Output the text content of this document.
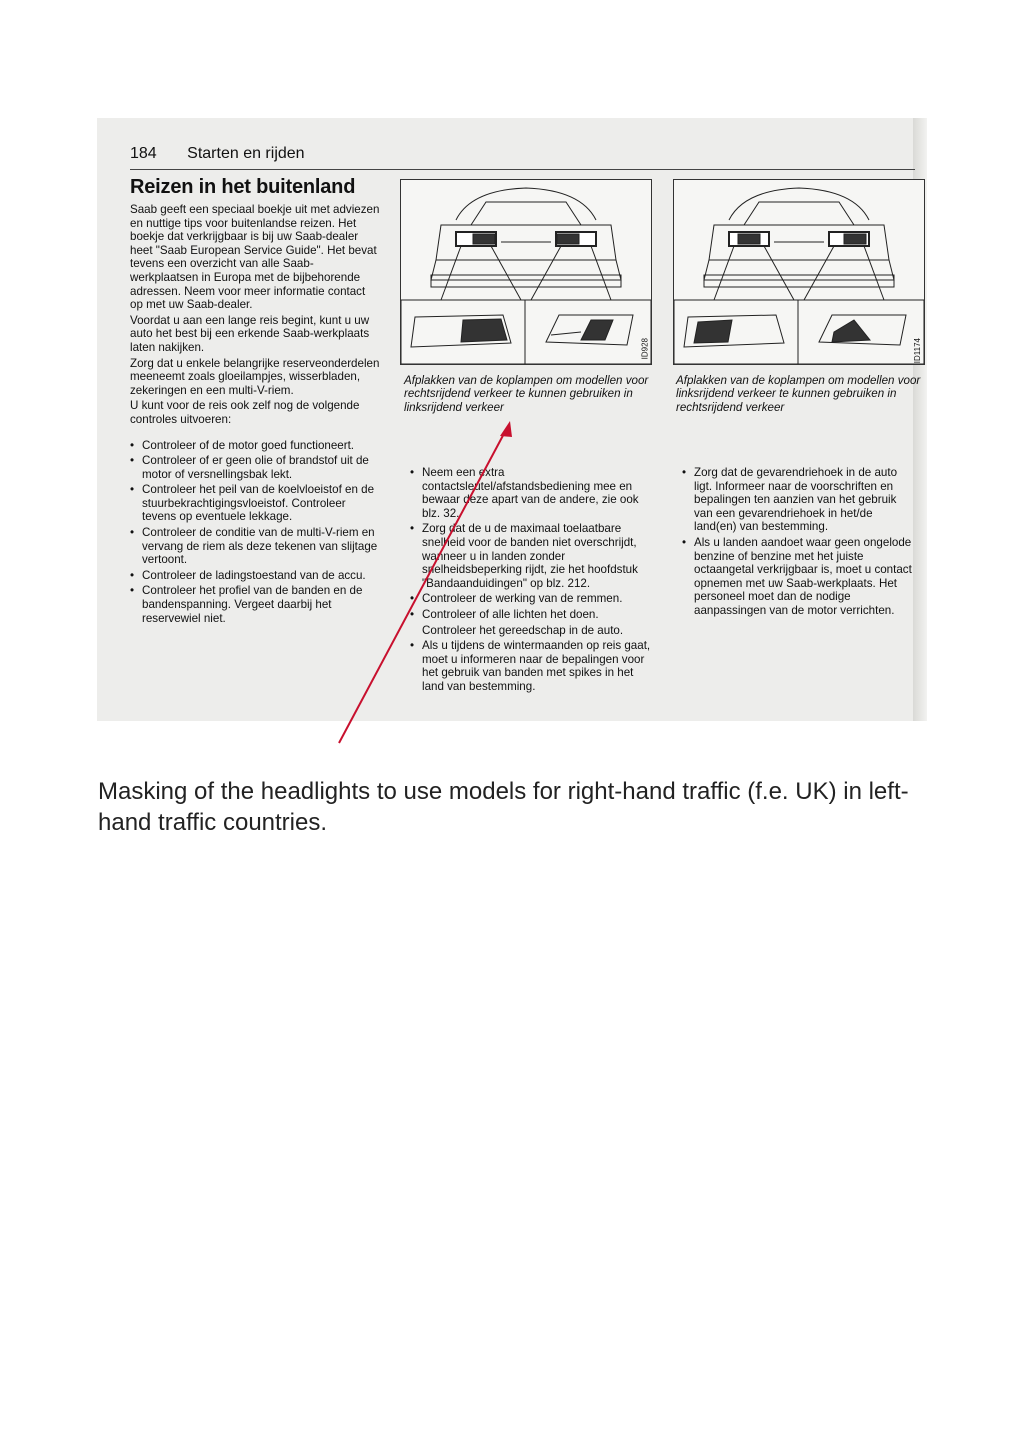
184 Starten en rijden
Reizen in het buitenland

Saab geeft een speciaal boekje uit met adviezen en nuttige tips voor buitenlandse reizen. Het boekje dat verkrijgbaar is bij uw Saab-dealer heet "Saab European Service Guide". Het bevat tevens een overzicht van alle Saab-werkplaatsen in Europa met de bijbehorende adressen. Neem voor meer informatie contact op met uw Saab-dealer.

Voordat u aan een lange reis begint, kunt u uw auto het best bij een erkende Saab-werkplaats laten nakijken.

Zorg dat u enkele belangrijke reserveonderdelen meeneemt zoals gloeilampjes, wisserbladen, zekeringen en een multi-V-riem.

U kunt voor de reis ook zelf nog de volgende controles uitvoeren:

• Controleer of de motor goed functioneert.
• Controleer of er geen olie of brandstof uit de motor of versnellingsbak lekt.
• Controleer het peil van de koelvloeistof en de stuurbekrachtigingsvloeistof. Controleer tevens op eventuele lekkage.
• Controleer de conditie van de multi-V-riem en vervang de riem als deze tekenen van slijtage vertoont.
• Controleer de ladingstoestand van de accu.
• Controleer het profiel van de banden en de bandenspanning. Vergeet daarbij het reservewiel niet.
ID928	ID1174
Afplakken van de koplampen om modellen voor rechtsrijdend verkeer te kunnen gebruiken in linksrijdend verkeer
Afplakken van de koplampen om modellen voor linksrijdend verkeer te kunnen gebruiken in rechtsrijdend verkeer
• Neem een extra contactsleutel/afstandsbediening mee en bewaar deze apart van de andere, zie ook blz. 32.
• Zorg dat de u de maximaal toelaatbare snelheid voor de banden niet overschrijdt, wanneer u in landen zonder snelheidsbeperking rijdt, zie het hoofdstuk "Bandaanduidingen" op blz. 212.
• Controleer de werking van de remmen.
• Controleer of alle lichten het doen.
Controleer het gereedschap in de auto.
• Als u tijdens de wintermaanden op reis gaat, moet u informeren naar de bepalingen voor het gebruik van banden met spikes in het land van bestemming.
• Zorg dat de gevarendriehoek in de auto ligt. Informeer naar de voorschriften en bepalingen ten aanzien van het gebruik van een gevarendriehoek in het/de land(en) van bestemming.
• Als u landen aandoet waar geen ongelode benzine of benzine met het juiste octaangetal verkrijgbaar is, moet u contact opnemen met uw Saab-werkplaats. Het personeel moet dan de nodige aanpassingen van de motor verrichten.
Masking of the headlights to use models for right-hand traffic (f.e. UK) in left-hand traffic countries.
